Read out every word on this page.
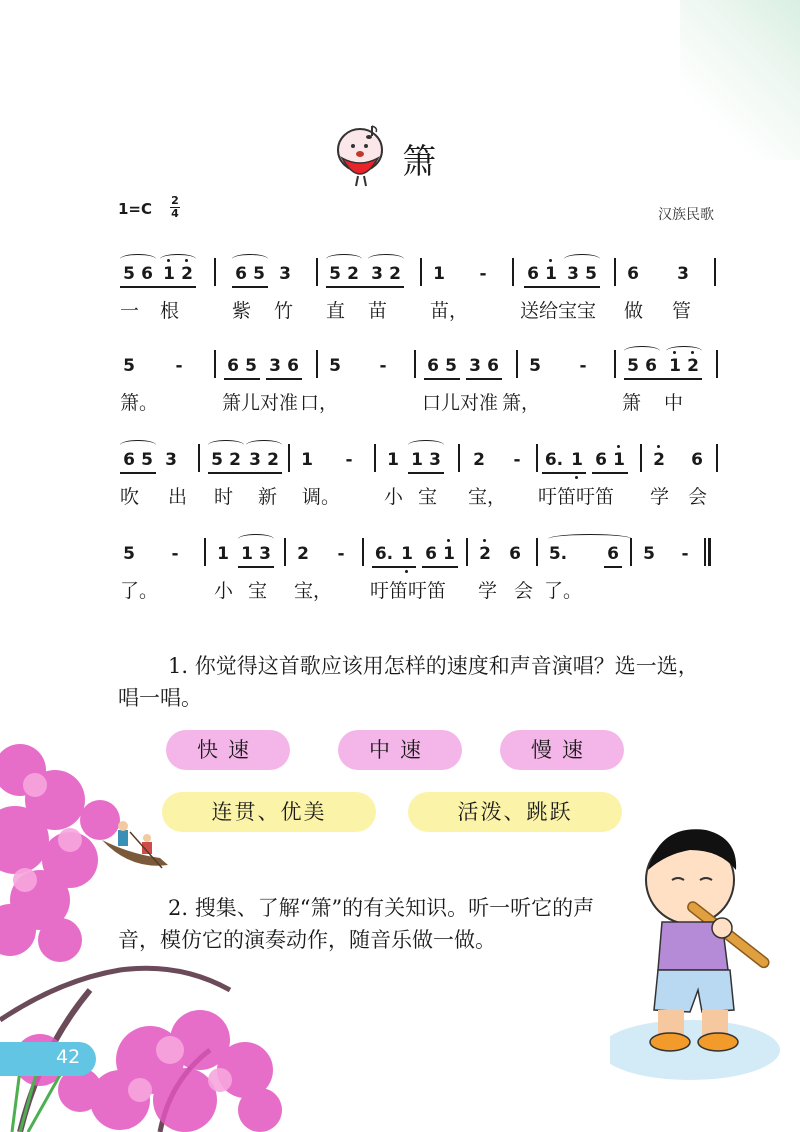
箫
1=C 2
4	汉族民歌
5 6 1 2 6 5 3 5 2 3 2 1	-	6 1 3 5 6 3
一 根	紫 竹 直 苗 苗，	送给宝宝 做 管
5	-	6 5 3 6 5	-	6 5 3 6 5	-	5 6 1 2
箫。	箫儿对准 口，	口儿对准 箫，	箫 中
6 5 3 5 2 3 2 1	-	1 1 3 2	-	6. 1 6 1 2 6
吹 出 时 新 调。 小 宝 宝， 吁笛吁笛 学 会
5	-	1 1 3 2	-	6. 1 6 1 2 6 5. 6 5	-
了。	小 宝 宝， 吁笛吁笛 学 会 了。
1. 你觉得这首歌应该用怎样的速度和声音演唱？选一选，唱一唱。
快速	中速	慢速
连贯、优美	活泼、跳跃
2. 搜集、了解“箫”的有关知识。听一听它的声音，模仿它的演奏动作，随音乐做一做。
42
